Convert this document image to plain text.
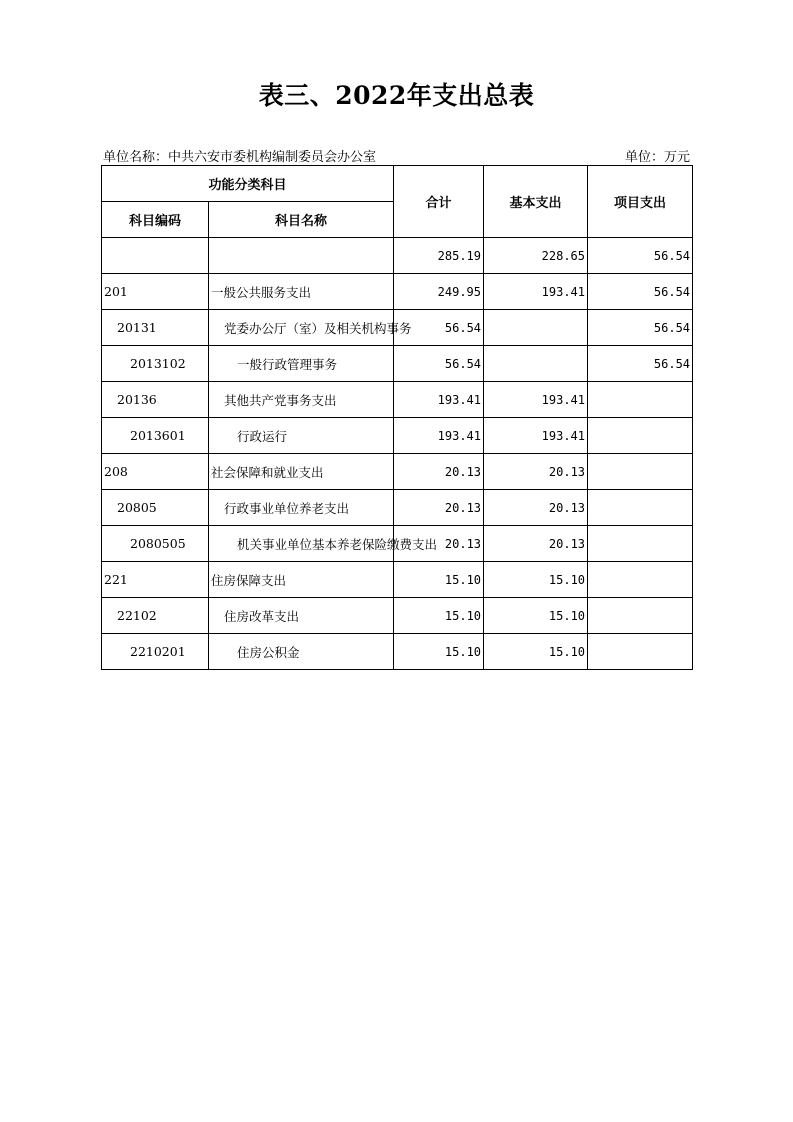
表三、2022年支出总表
单位名称：中共六安市委机构编制委员会办公室	单位：万元
功能分类科目		合计	基本支出	项目支出
科目编码	科目名称			
		285.19	228.65	56.54
201	一般公共服务支出	249.95	193.41	56.54
20131	党委办公厅（室）及相关机构事务	56.54		56.54
2013102	一般行政管理事务	56.54		56.54
20136	其他共产党事务支出	193.41	193.41	
2013601	行政运行	193.41	193.41	
208	社会保障和就业支出	20.13	20.13	
20805	行政事业单位养老支出	20.13	20.13	
2080505	机关事业单位基本养老保险缴费支出	20.13	20.13	
221	住房保障支出	15.10	15.10	
22102	住房改革支出	15.10	15.10	
2210201	住房公积金	15.10	15.10	
